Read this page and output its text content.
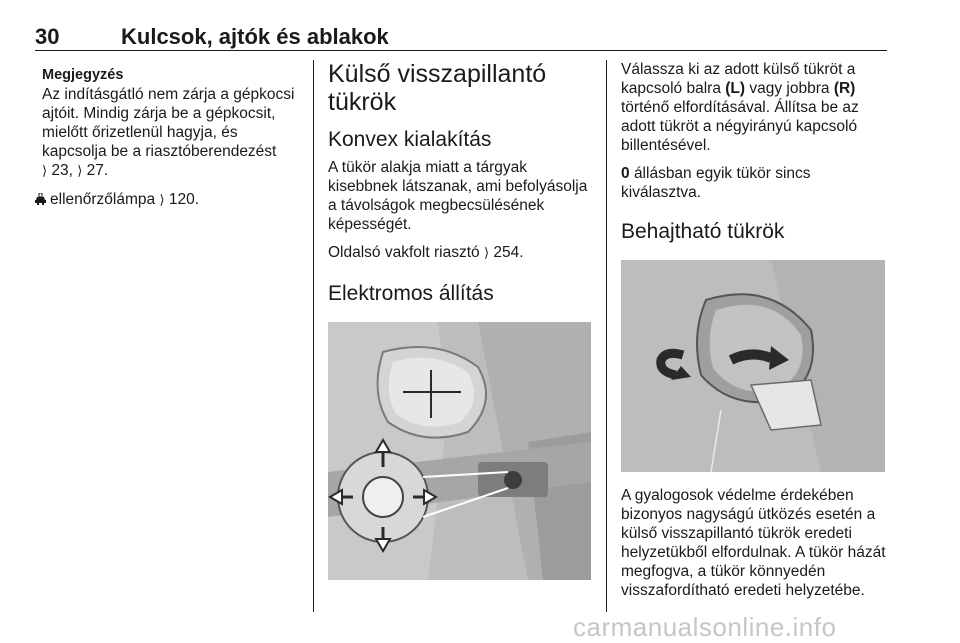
30	Kulcsok, ajtók és ablakok
Megjegyzés
Az indításgátló nem zárja a gépkocsi
ajtóit. Mindig zárja be a gépkocsit,
mielőtt őrizetlenül hagyja, és
kapcsolja be a riasztóberendezést
⟩ 23, ⟩ 27.

ellenőrzőlámpa ⟩ 120.

Külső visszapillantó
tükrök
Konvex kialakítás

A tükör alakja miatt a tárgyak kisebbnek látszanak, ami befolyásolja a távolságok megbecsülésének képességét.

Oldalsó vakfolt riasztó ⟩ 254.

Elektromos állítás

Válassza ki az adott külső tükröt a kapcsoló balra (L) vagy jobbra (R) történő elfordításával. Állítsa be az adott tükröt a négyirányú kapcsoló billentésével.

0 állásban egyik tükör sincs kiválasztva.

Behajtható tükrök

A gyalogosok védelme érdekében bizonyos nagyságú ütközés esetén a külső visszapillantó tükrök eredeti helyzetükből elfordulnak. A tükör házát megfogva, a tükör könnyedén visszafordítható eredeti helyzetébe.

carmanualsonline.info
